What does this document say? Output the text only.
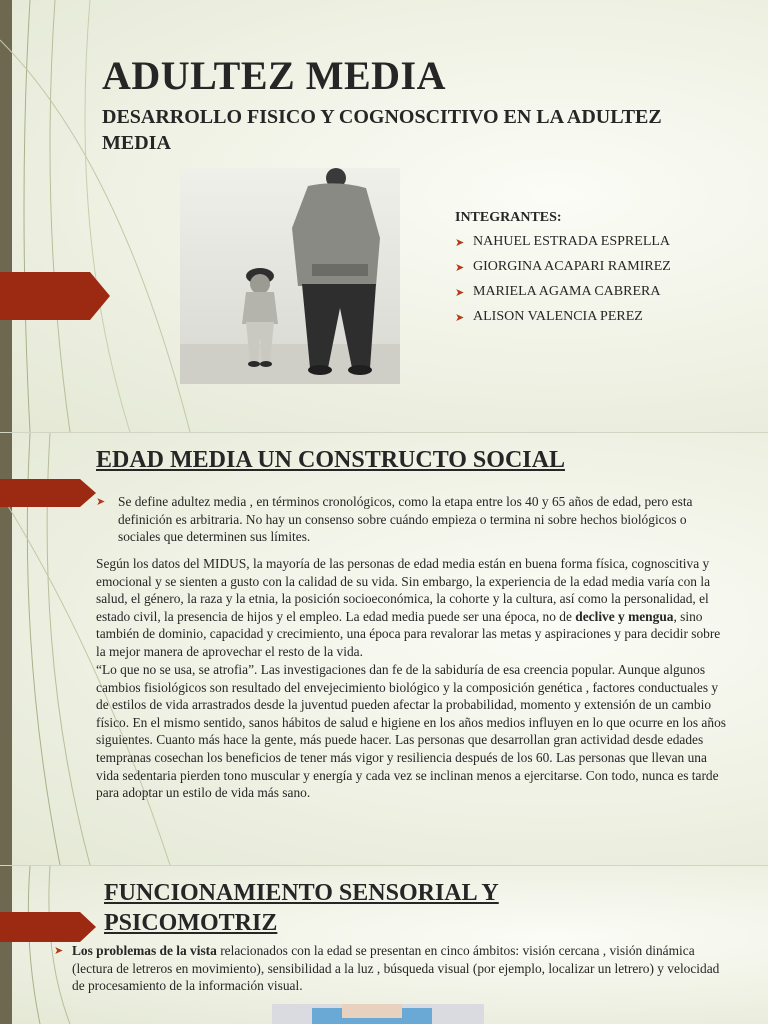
ADULTEZ MEDIA
DESARROLLO FISICO Y COGNOSCITIVO EN LA ADULTEZ MEDIA
INTEGRANTES:
➤ NAHUEL ESTRADA ESPRELLA
➤ GIORGINA ACAPARI RAMIREZ
➤ MARIELA AGAMA CABRERA
➤ ALISON VALENCIA PEREZ
EDAD MEDIA UN CONSTRUCTO SOCIAL
➤ Se define adultez media , en términos cronológicos, como la etapa entre los 40 y 65 años de edad, pero esta definición es arbitraria. No hay un consenso sobre cuándo empieza o termina ni sobre hechos biológicos o sociales que determinen sus límites.

Según los datos del MIDUS, la mayoría de las personas de edad media están en buena forma física, cognoscitiva y emocional y se sienten a gusto con la calidad de su vida. Sin embargo, la experiencia de la edad media varía con la salud, el género, la raza y la etnia, la posición socioeconómica, la cohorte y la cultura, así como la personalidad, el estado civil, la presencia de hijos y el empleo. La edad media puede ser una época, no de declive y mengua, sino también de dominio, capacidad y crecimiento, una época para revalorar las metas y aspiraciones y para decidir sobre la mejor manera de aprovechar el resto de la vida.

“Lo que no se usa, se atrofia”. Las investigaciones dan fe de la sabiduría de esa creencia popular. Aunque algunos cambios fisiológicos son resultado del envejecimiento biológico y la composición genética , factores conductuales y de estilos de vida arrastrados desde la juventud pueden afectar la probabilidad, momento y extensión de un cambio físico. En el mismo sentido, sanos hábitos de salud e higiene en los años medios influyen en lo que ocurre en los años siguientes. Cuanto más hace la gente, más puede hacer. Las personas que desarrollan gran actividad desde edades tempranas cosechan los beneficios de tener más vigor y resiliencia después de los 60. Las personas que llevan una vida sedentaria pierden tono muscular y energía y cada vez se inclinan menos a ejercitarse. Con todo, nunca es tarde para adoptar un estilo de vida más sano.

FUNCIONAMIENTO SENSORIAL Y PSICOMOTRIZ
➤ Los problemas de la vista relacionados con la edad se presentan en cinco ámbitos: visión cercana , visión dinámica (lectura de letreros en movimiento), sensibilidad a la luz , búsqueda visual (por ejemplo, localizar un letrero) y velocidad de procesamiento de la información visual.
